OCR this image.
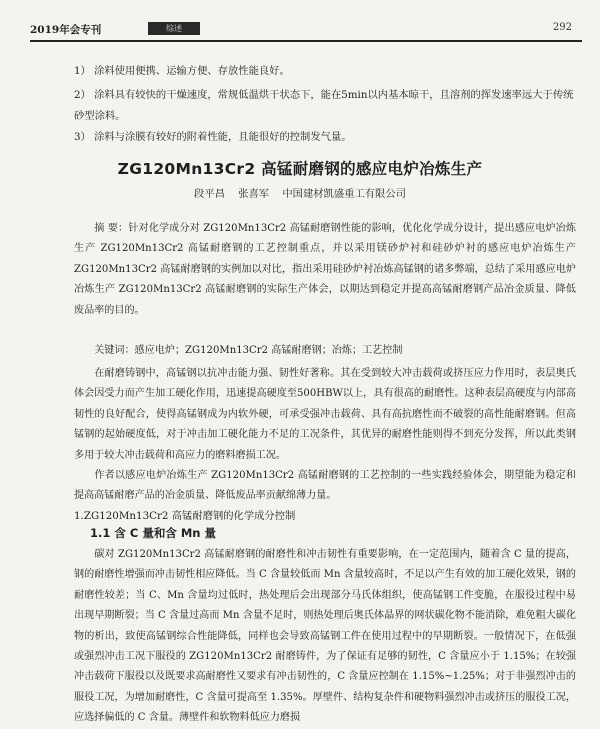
2019年会专刊	综述	292
1） 涂料使用便携、运输方便、存放性能良好。
2） 涂料具有较快的干燥速度，常规低温烘干状态下，能在5min以内基本晾干，且溶剂的挥发速率远大于传统砂型涂料。
3） 涂料与涂膜有较好的附着性能，且能很好的控制发气量。
ZG120Mn13Cr2 高锰耐磨钢的感应电炉冶炼生产
段平昌 张喜军 中国建材凯盛重工有限公司
摘 要：针对化学成分对 ZG120Mn13Cr2 高锰耐磨钢性能的影响，优化化学成分设计，提出感应电炉冶炼生产 ZG120Mn13Cr2 高锰耐磨钢的工艺控制重点，并以采用镁砂炉衬和硅砂炉衬的感应电炉冶炼生产 ZG120Mn13Cr2 高锰耐磨钢的实例加以对比，指出采用硅砂炉衬冶炼高锰钢的诸多弊端，总结了采用感应电炉冶炼生产 ZG120Mn13Cr2 高锰耐磨钢的实际生产体会，以期达到稳定并提高高锰耐磨钢产品冶金质量、降低废品率的目的。
关键词：感应电炉；ZG120Mn13Cr2 高锰耐磨钢；冶炼；工艺控制
在耐磨铸钢中，高锰钢以抗冲击能力强、韧性好著称。其在受到较大冲击载荷或挤压应力作用时，表层奥氏体会因受力而产生加工硬化作用，迅速提高硬度至500HBW以上，具有很高的耐磨性。这种表层高硬度与内部高韧性的良好配合，使得高锰钢成为内软外硬，可承受强冲击载荷、具有高抗磨性而不破裂的高性能耐磨钢。但高锰钢的起始硬度低，对于冲击加工硬化能力不足的工况条件，其优异的耐磨性能则得不到充分发挥，所以此类钢多用于较大冲击载荷和高应力的磨料磨损工况。
作者以感应电炉冶炼生产 ZG120Mn13Cr2 高锰耐磨钢的工艺控制的一些实践经验体会，期望能为稳定和提高高锰耐磨产品的冶金质量、降低废品率贡献绵薄力量。
1.ZG120Mn13Cr2 高锰耐磨钢的化学成分控制
1.1 含 C 量和含 Mn 量
碳对 ZG120Mn13Cr2 高锰耐磨钢的耐磨性和冲击韧性有重要影响，在一定范围内，随着含 C 量的提高，钢的耐磨性增强而冲击韧性相应降低。当 C 含量较低而 Mn 含量较高时，不足以产生有效的加工硬化效果，钢的耐磨性较差；当 C、Mn 含量均过低时，热处理后会出现部分马氏体组织，使高锰钢工件变脆，在服役过程中易出现早期断裂；当 C 含量过高而 Mn 含量不足时，则热处理后奥氏体晶界的网状碳化物不能消除，难免粗大碳化物的析出，致使高锰钢综合性能降低，同样也会导致高锰钢工件在使用过程中的早期断裂。一般情况下，在低强或强烈冲击工况下服役的 ZG120Mn13Cr2 耐磨铸件，为了保证有足够的韧性，C 含量应小于 1.15%；在较强冲击载荷下服役以及既要求高耐磨性又要求有冲击韧性的，C 含量应控制在 1.15%~1.25%；对于非强烈冲击的服役工况，为增加耐磨性，C 含量可提高至 1.35%。厚壁件、结构复杂件和硬物料强烈冲击或挤压的服役工况，应选择偏低的 C 含量。薄壁件和软物料低应力磨损
